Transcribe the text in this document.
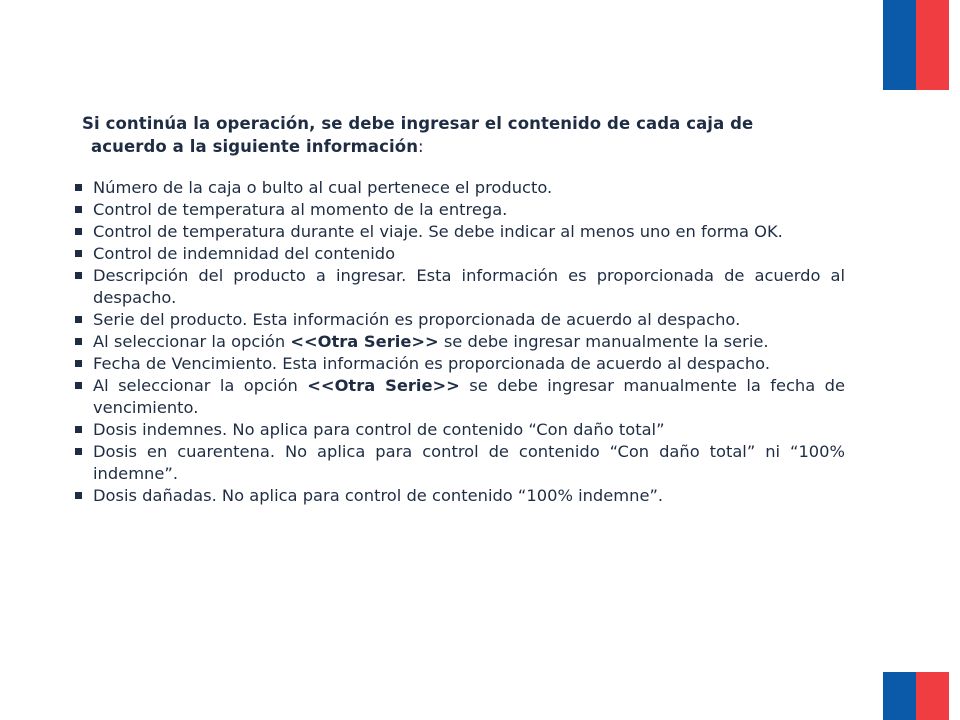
Si continúa la operación, se debe ingresar el contenido de cada caja de
acuerdo a la siguiente información:
Número de la caja o bulto al cual pertenece el producto.
Control de temperatura al momento de la entrega.
Control de temperatura durante el viaje. Se debe indicar al menos uno en forma OK.
Control de indemnidad del contenido
Descripción del producto a ingresar. Esta información es proporcionada de acuerdo al despacho.
Serie del producto. Esta información es proporcionada de acuerdo al despacho.
Al seleccionar la opción <<Otra Serie>> se debe ingresar manualmente la serie.
Fecha de Vencimiento. Esta información es proporcionada de acuerdo al despacho.
Al seleccionar la opción <<Otra Serie>> se debe ingresar manualmente la fecha de vencimiento.
Dosis indemnes. No aplica para control de contenido “Con daño total”
Dosis en cuarentena. No aplica para control de contenido “Con daño total” ni “100% indemne”.
Dosis dañadas. No aplica para control de contenido “100% indemne”.
